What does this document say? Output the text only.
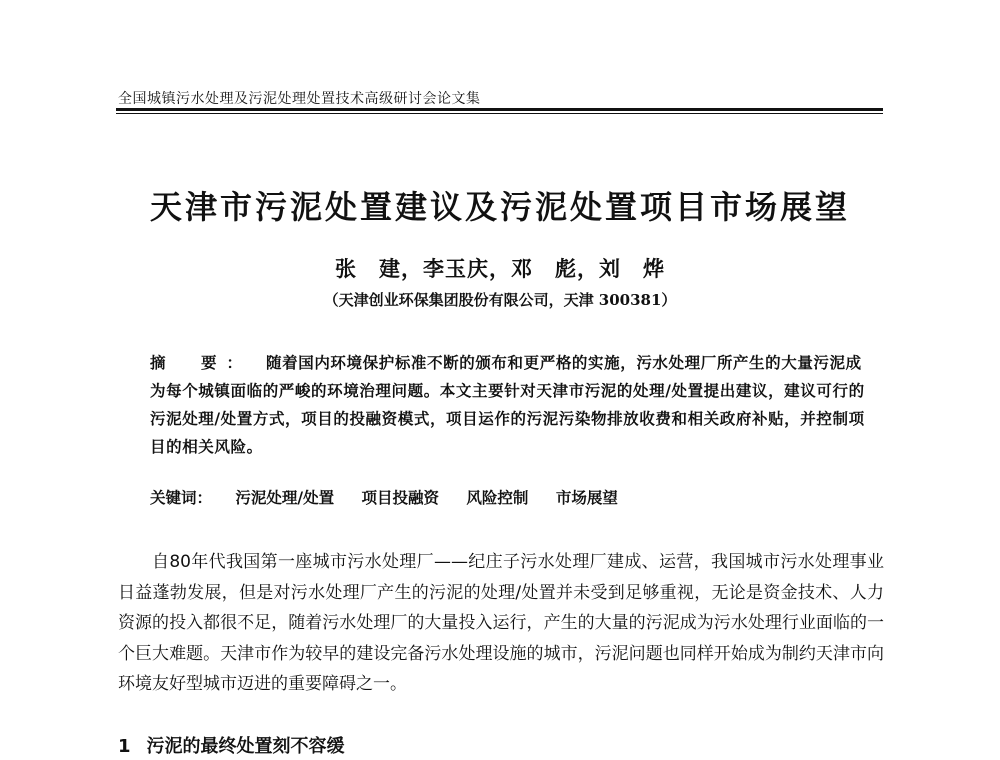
全国城镇污水处理及污泥处理处置技术高级研讨会论文集
天津市污泥处置建议及污泥处置项目市场展望
张　建，李玉庆，邓　彪，刘　烨
（天津创业环保集团股份有限公司，天津 300381）
摘　要： 随着国内环境保护标准不断的颁布和更严格的实施，污水处理厂所产生的大量污泥成为每个城镇面临的严峻的环境治理问题。本文主要针对天津市污泥的处理/处置提出建议，建议可行的污泥处理/处置方式，项目的投融资模式，项目运作的污泥污染物排放收费和相关政府补贴，并控制项目的相关风险。
关键词： 污泥处理/处置 项目投融资 风险控制 市场展望

自80年代我国第一座城市污水处理厂——纪庄子污水处理厂建成、运营，我国城市污水处理事业日益蓬勃发展，但是对污水处理厂产生的污泥的处理/处置并未受到足够重视，无论是资金技术、人力资源的投入都很不足，随着污水处理厂的大量投入运行，产生的大量的污泥成为污水处理行业面临的一个巨大难题。天津市作为较早的建设完备污水处理设施的城市，污泥问题也同样开始成为制约天津市向环境友好型城市迈进的重要障碍之一。

1 污泥的最终处置刻不容缓
